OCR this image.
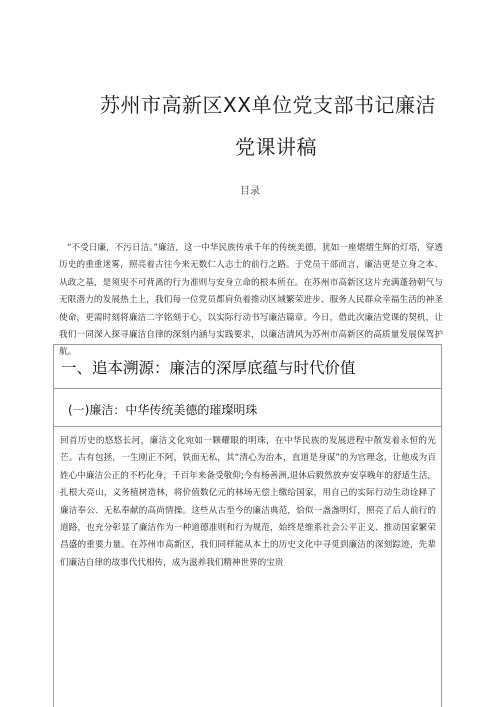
苏州市高新区XX单位党支部书记廉洁
党课讲稿
目录

“不受日廉，不污日洁。”廉洁，这一中华民族传承千年的传统美德，犹如一座熠熠生辉的灯塔，穿透历史的重重迷雾，照亮着古往今来无数仁人志士的前行之路。于党员干部而言，廉洁更是立身之本、从政之基，是须臾不可背离的行为准则与安身立命的根本所在。在苏州市高新区这片充满蓬勃朝气与无限潜力的发展热土上，我们每一位党员都肩负着推动区域繁荣进步、服务人民群众幸福生活的神圣使命，更需时刻将廉洁二字铭刻于心，以实际行动书写廉洁篇章。今日，借此次廉洁党课的契机，让我们一同深入探寻廉洁自律的深刻内涵与实践要求，以廉洁清风为苏州市高新区的高质量发展保驾护航。

一、追本溯源：廉洁的深厚底蕴与时代价值
(一)廉洁：中华传统美德的璀璨明珠

回首历史的悠悠长河，廉洁文化宛如一颗耀眼的明珠，在中华民族的发展进程中散发着永恒的光芒。古有包拯，一生刚正不阿，铁面无私，其“清心为治本，直道是身谋”的为官理念，让他成为百姓心中廉洁公正的不朽化身，千百年来备受敬仰;今有杨善洲,退休后毅然放弃安享晚年的舒适生活，扎根大亮山，义务植树造林，将价值数亿元的林场无偿上缴给国家，用自己的实际行动生动诠释了廉洁奉公、无私奉献的高尚情操。这些从古至今的廉洁典范，恰似一盏盏明灯，照亮了后人前行的道路，也充分彰显了廉洁作为一种道德准则和行为规范，始终是维系社会公平正义、推动国家繁荣昌盛的重要力量。在苏州市高新区，我们同样能从本土的历史文化中寻觅到廉洁的深刻踪迹，先辈们廉洁自律的故事代代相传，成为滋养我们精神世界的宝贵
